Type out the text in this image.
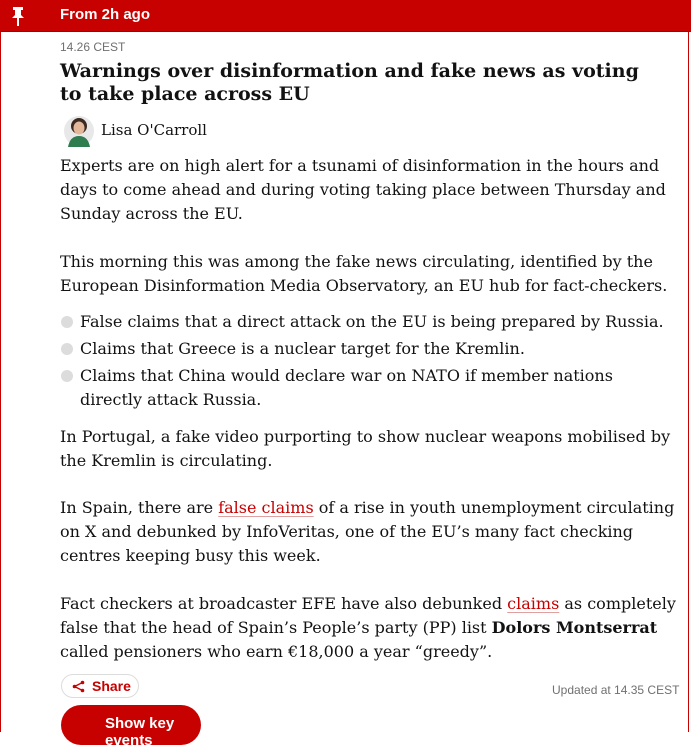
From 2h ago
14.26 CEST
Warnings over disinformation and fake news as voting to take place across EU
Lisa O'Carroll

Experts are on high alert for a tsunami of disinformation in the hours and days to come ahead and during voting taking place between Thursday and Sunday across the EU.

This morning this was among the fake news circulating, identified by the European Disinformation Media Observatory, an EU hub for fact-checkers.

False claims that a direct attack on the EU is being prepared by Russia.
Claims that Greece is a nuclear target for the Kremlin.
Claims that China would declare war on NATO if member nations directly attack Russia.

In Portugal, a fake video purporting to show nuclear weapons mobilised by the Kremlin is circulating.

In Spain, there are false claims of a rise in youth unemployment circulating on X and debunked by InfoVeritas, one of the EU’s many fact checking centres keeping busy this week.

Fact checkers at broadcaster EFE have also debunked claims as completely false that the head of Spain’s People’s party (PP) list Dolors Montserrat called pensioners who earn €18,000 a year “greedy”.

Share	Updated at 14.35 CEST
Show key events
